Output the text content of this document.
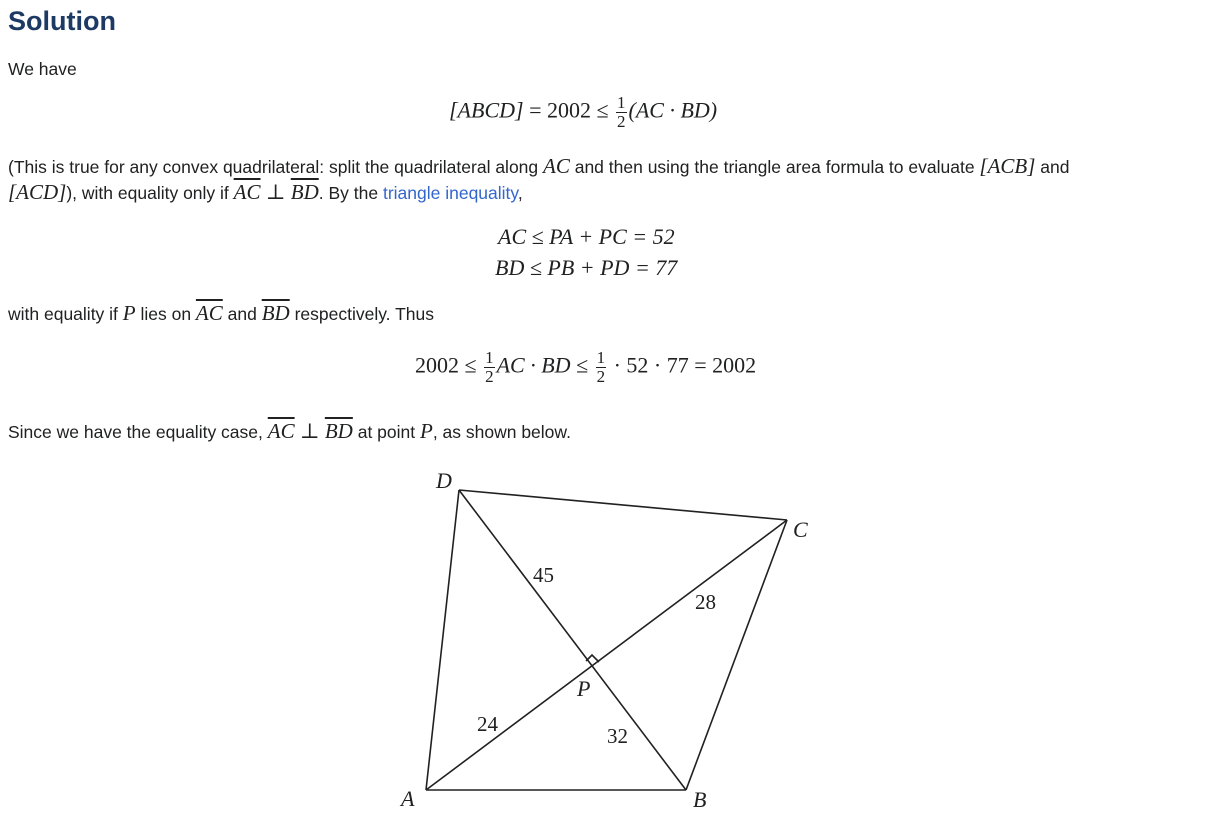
Solution
We have
[ABCD] = $2002 \le \frac{1}{2} (AC \cdot BD)$
(This is true for any convex quadrilateral: split the quadrilateral along AC and then using the triangle area formula to evaluate [ACB] and
[ACD]), with equality only if $\overline{AC}$ ⊥ $\overline{BD}$. By the triangle inequality,
AC ≤ PA + PC = 52
BD ≤ PB + PD = 77
with equality if P lies on $\overline{AC}$ and $\overline{BD}$ respectively. Thus
$2002 \le \frac{1}{2}$ AC · BD ≤ $\frac{1}{2} \cdot 52 \cdot 77 = 2002$
Since we have the equality case, $\overline{AC}$ ⊥ $\overline{BD}$ at point P, as shown below.
D
C
A	B
P
45
28
24	32
